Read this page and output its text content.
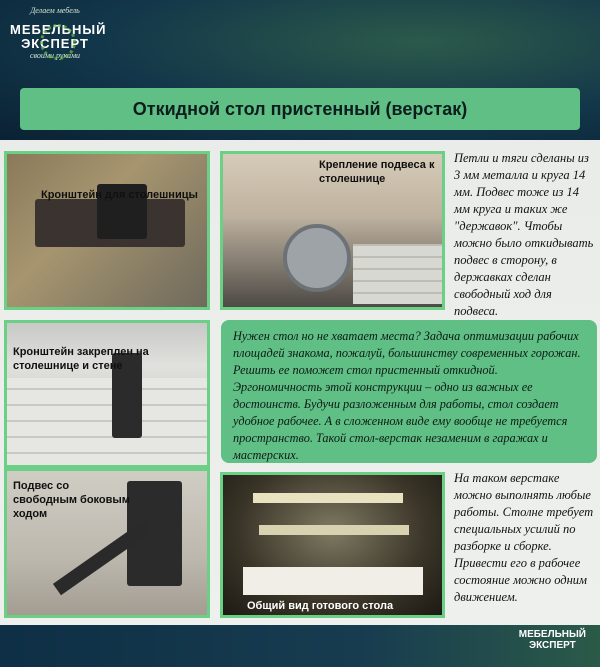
Делаем мебель
МЕБЕЛЬНЫЙ
ЭКСПЕРТ
своими руками
Откидной стол пристенный (верстак)
Кронштейн для столешницы
Крепление подвеса к столешнице
Петли и тяги сделаны из 3 мм металла и круга 14 мм. Подвес тоже из 14 мм круга и таких же "державок". Чтобы можно было откидывать подвес в сторону, в державках сделан свободный ход для подвеса.
Кронштейн закреплен на столешнице и стене
Нужен стол но не хватает места? Задача оптимизации рабочих площадей знакома, пожалуй, большинству современных горожан. Решить ее поможет стол пристенный откидной. Эргономичность этой конструкции – одно из важных ее достоинств. Будучи разложенным для работы, стол создает удобное рабочее. А в сложенном виде ему вообще не требуется пространство. Такой стол-верстак незаменим в гаражах и мастерских.
Подвес со свободным боковым ходом
Общий вид готового стола
На таком верстаке можно выполнять любые работы. Столне требует специальных усилий по разборке и сборке. Привести его в рабочее состояние можно одним движением.
МЕБЕЛЬНЫЙ
ЭКСПЕРТ
